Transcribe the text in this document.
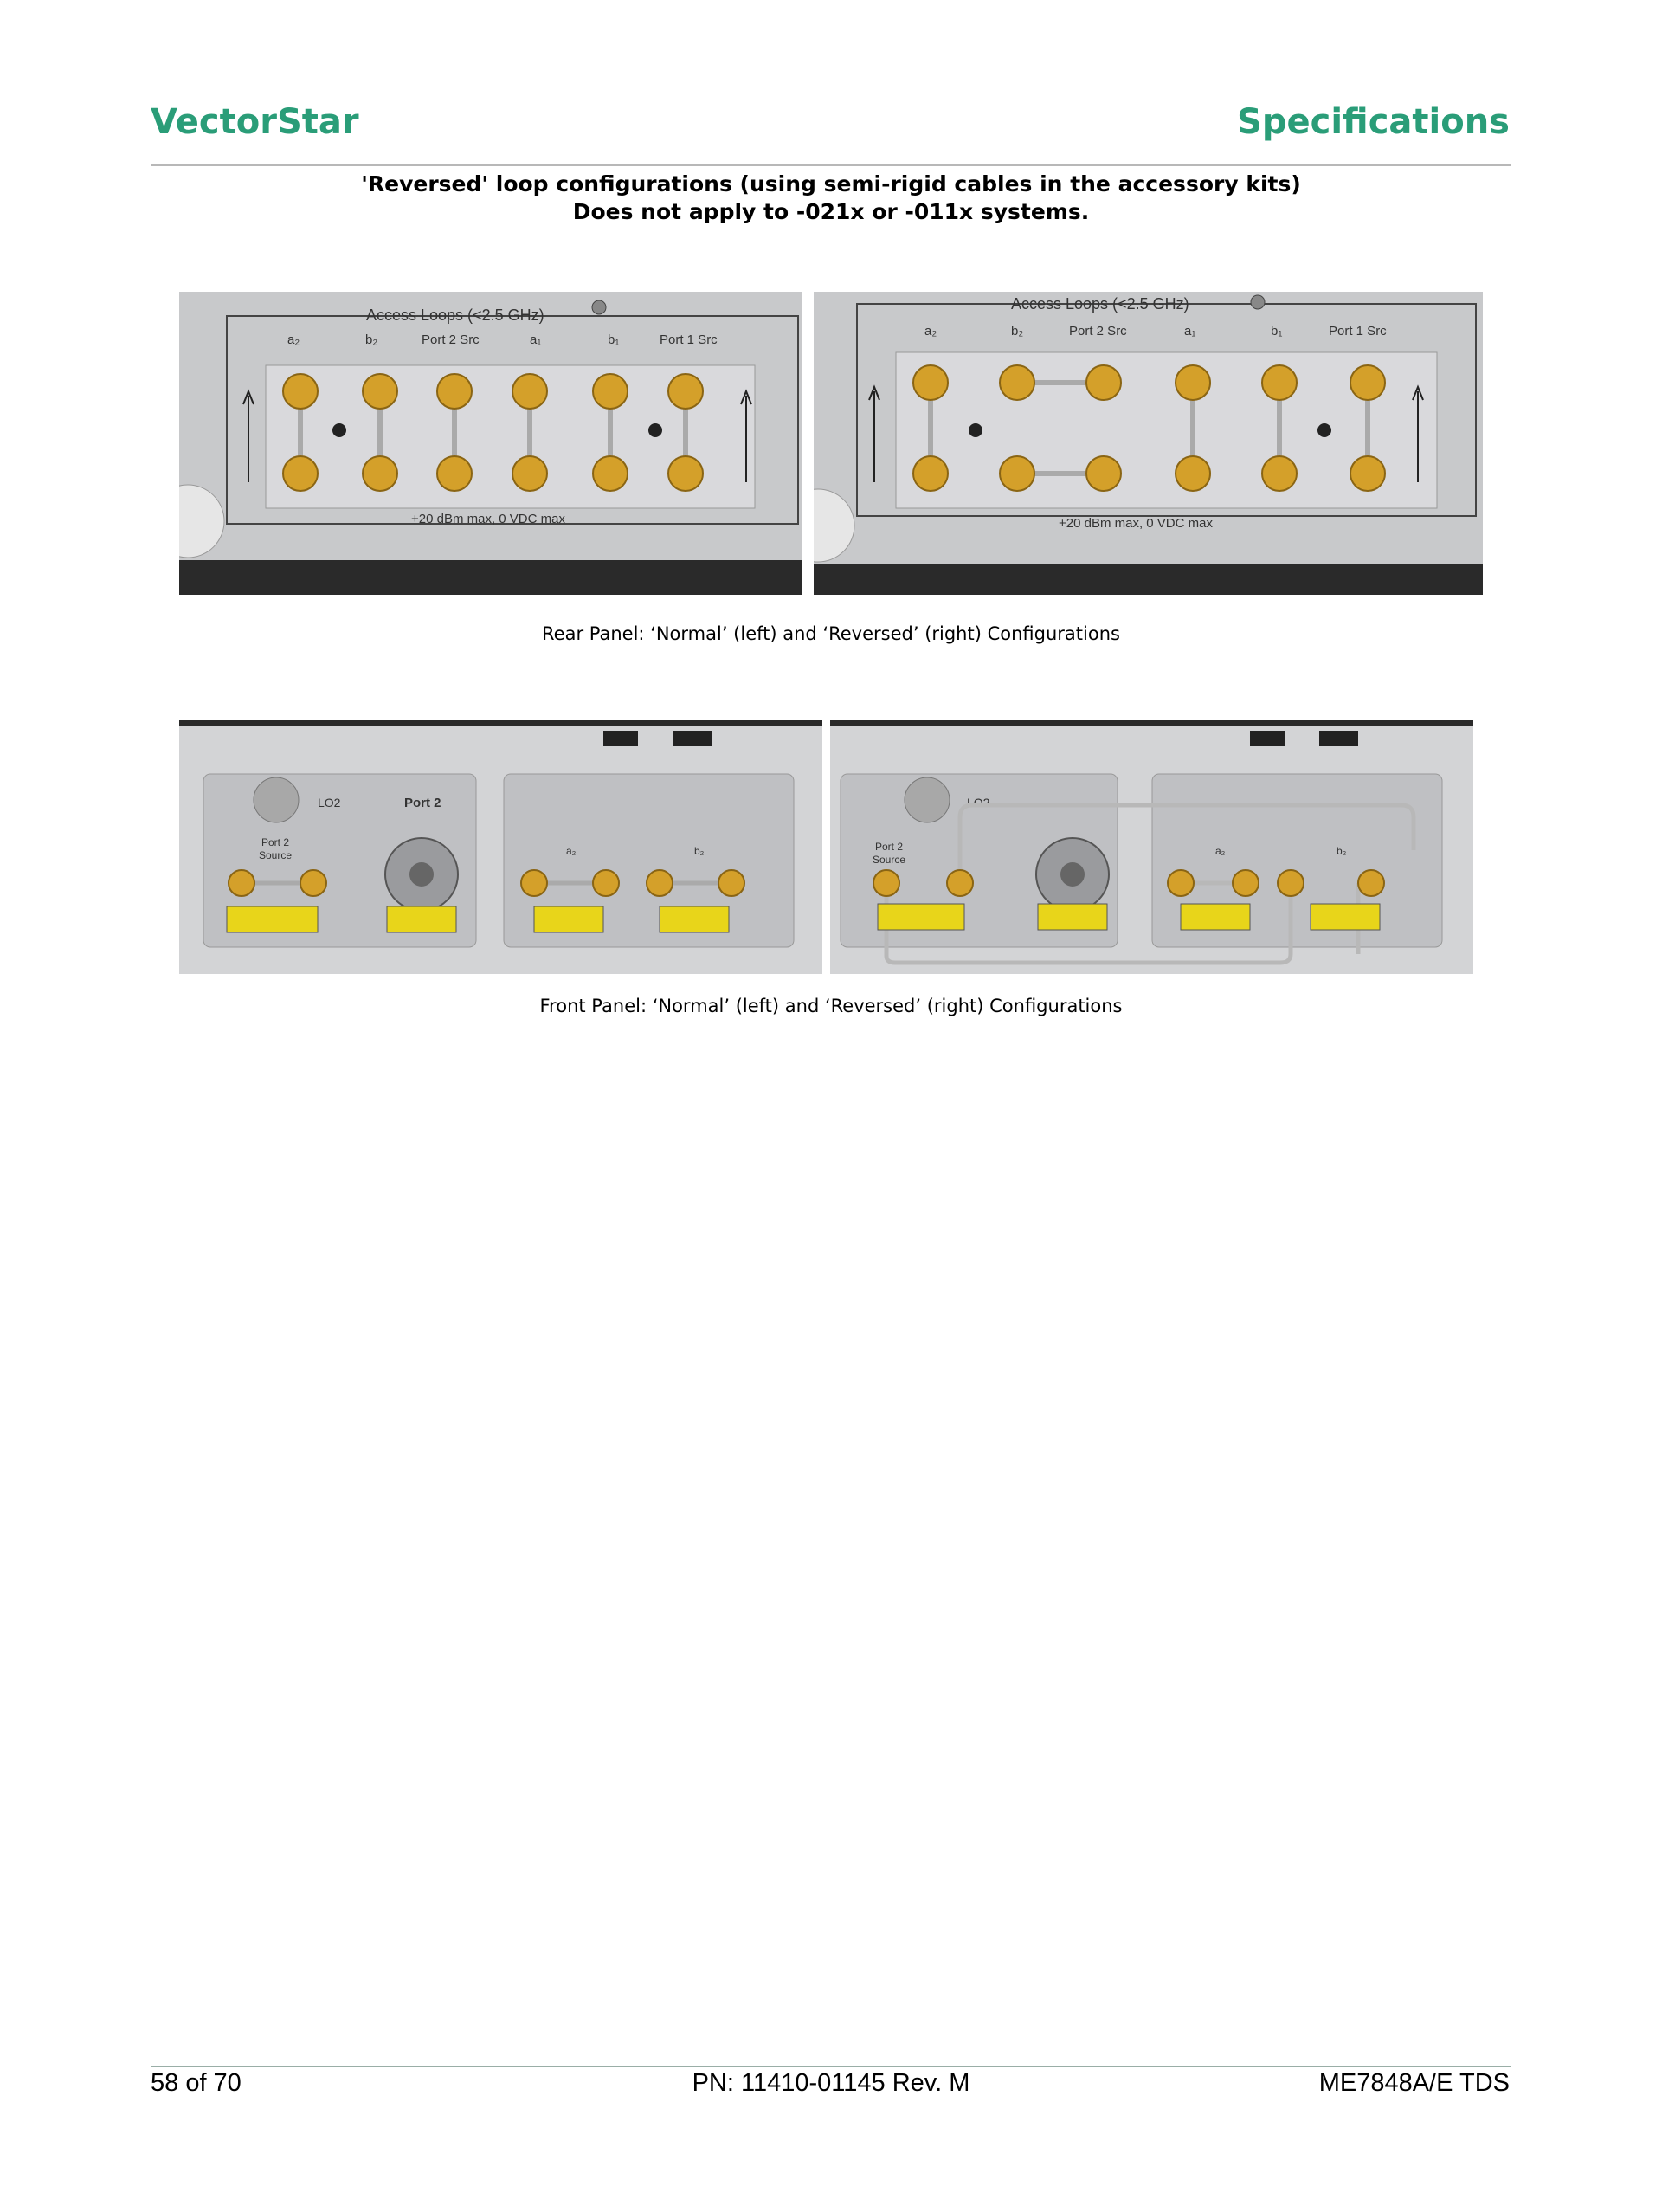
VectorStar	Specifications
'Reversed' loop configurations (using semi-rigid cables in the accessory kits)
Does not apply to -021x or -011x systems.
Access Loops (<2.5 GHz)
a₂	b₂	Port 2 Src	a₁	b₁	Port 1 Src
+20 dBm max, 0 VDC max
Access Loops (<2.5 GHz)
a₂	b₂	Port 2 Src	a₁	b₁	Port 1 Src
+20 dBm max, 0 VDC max
Rear Panel: ‘Normal’ (left) and ‘Reversed’ (right) Configurations
LO2	Port 2
Port 2
Source	a₂	b₂
LO2
Port 2
Source
a₂	b₂
Front Panel: ‘Normal’ (left) and ‘Reversed’ (right) Configurations
58 of 70	PN: 11410-01145 Rev. M	ME7848A/E TDS
